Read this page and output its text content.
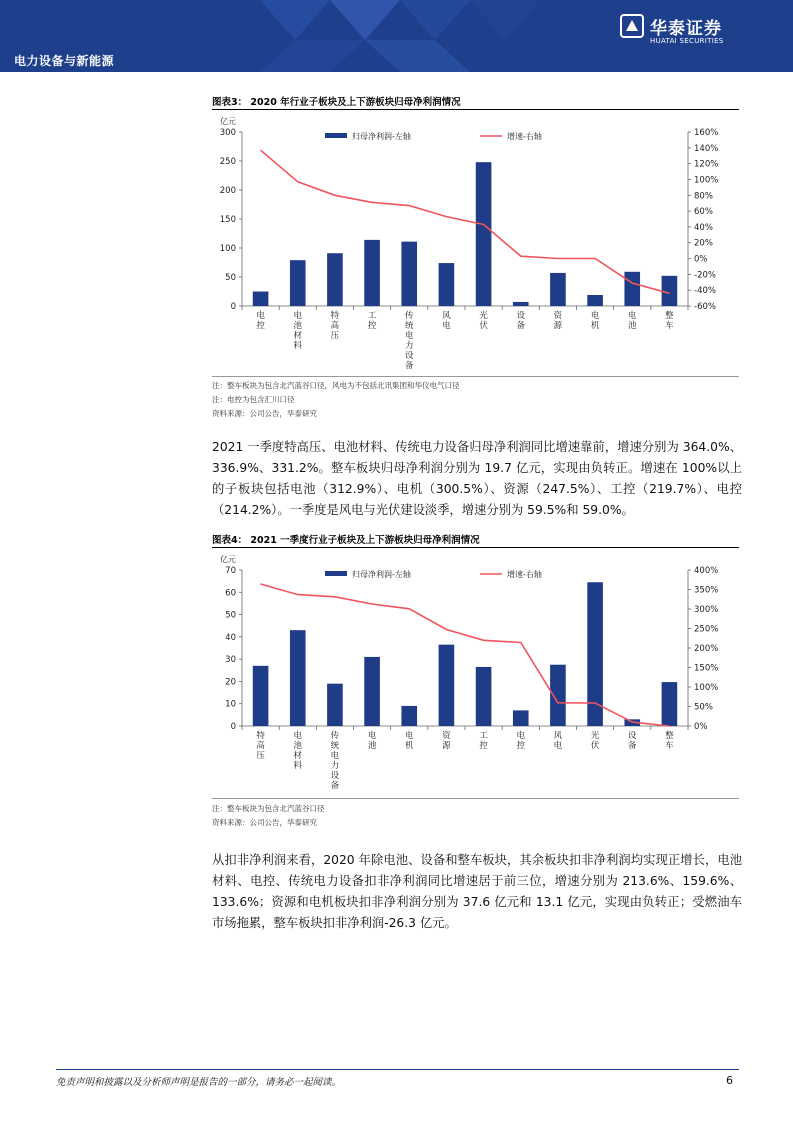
电力设备与新能源
华泰证券
HUATAI SECURITIES
图表3： 2020 年行业子板块及上下游板块归母净利润情况
亿元
0
50
100
150
200
250
300
-60%
-40%
-20%
0%
20%
40%
60%
80%
100%
120%
140%
160%
电控
电池材料
特高压
工控
传统电力设备
风电
光伏
设备
资源
电机
电池
整车
归母净利润-左轴	增速-右轴
注：整车板块为包含北汽蓝谷口径，风电为不包括北讯集团和华仪电气口径
注：电控为包含汇川口径
资料来源：公司公告，华泰研究

2021 一季度特高压、电池材料、传统电力设备归母净利润同比增速靠前，增速分别为 364.0%、336.9%、331.2%。整车板块归母净利润分别为 19.7 亿元，实现由负转正。增速在 100%以上的子板块包括电池（312.9%）、电机（300.5%）、资源（247.5%）、工控（219.7%）、电控（214.2%）。一季度是风电与光伏建设淡季，增速分别为 59.5%和 59.0%。

图表4： 2021 一季度行业子板块及上下游板块归母净利润情况
亿元
0
10
20
30
40
50
60
70
0%
50%
100%
150%
200%
250%
300%
350%
400%
特高压
电池材料
传统电力设备
电池
电机
资源
工控
电控
风电
光伏
设备
整车
归母净利润-左轴	增速-右轴
注：整车板块为包含北汽蓝谷口径
资料来源：公司公告，华泰研究

从扣非净利润来看，2020 年除电池、设备和整车板块，其余板块扣非净利润均实现正增长，电池材料、电控、传统电力设备扣非净利润同比增速居于前三位，增速分别为 213.6%、159.6%、133.6%；资源和电机板块扣非净利润分别为 37.6 亿元和 13.1 亿元，实现由负转正；受燃油车市场拖累，整车板块扣非净利润-26.3 亿元。

免责声明和披露以及分析师声明是报告的一部分，请务必一起阅读。	6
